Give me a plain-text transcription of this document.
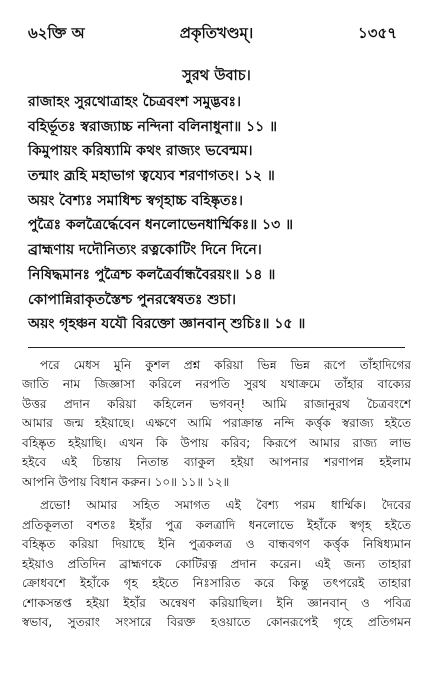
৬২ক্তি অ	প্রকৃতিখণ্ডম্।	১৩৫৭
সুরথ উবাচ।
রাজাহং সুরথোত্রাহং চৈত্রবংশ সমুদ্ভবঃ।
বহির্ভূতঃ স্বরাজ্যাচ্চ নন্দিনা বলিনাধুনা॥ ১১ ॥
কিমুপায়ং করিষ্যামি কথং রাজ্যং ভবেন্মম।
তন্মাং ব্রূহি মহাভাগ ত্বয্যেব শরণাগতং। ১২ ॥
অয়ং বৈশ্যঃ সমাধিশ্চ স্বগৃহাচ্চ বহিষ্কৃতঃ।
পুত্রৈঃ কলত্রৈর্দ্ধেবেন ধনলোভেনধার্ম্মিকঃ॥ ১৩ ॥
ব্রাহ্মণায় দদৌনিত্যং রত্নকোটিং দিনে দিনে।
নিষিদ্ধমানঃ পুত্রৈশ্চ কলত্রৈর্বান্ধবৈরয়ং॥ ১৪ ॥
কোপান্নিরাকৃতস্তৈশ্চ পুনরস্বেষতঃ শুচা।
অয়ং গৃহঞ্চন যযৌ বিরক্তো জ্ঞানবান্ শুচিঃ॥ ১৫ ॥
পরে মেধস মুনি কুশল প্রশ্ন করিয়া ভিন্ন ভিন্ন রূপে তাঁহাদিগের
জাতি নাম জিজ্ঞাসা করিলে নরপতি সুরথ যথাক্রমে তাঁহার বাক্যের
উত্তর প্রদান করিয়া কহিলেন ভগবন্! আমি রাজানুরথ চৈত্রবংশে
আমার জন্ম হইয়াছে। এক্ষণে আমি পরাক্রান্ত নন্দি কর্ত্তৃক স্বরাজ্য হইতে
বহিষ্কৃত হইয়াছি। এখন কি উপায় করিব; কিরূপে আমার রাজ্য লাভ
হইবে এই চিন্তায় নিতান্ত ব্যাকুল হইয়া আপনার শরণাপন্ন হইলাম
আপনি উপায় বিধান করুন। ১০॥ ১১॥ ১২॥
প্রভো! আমার সহিত সমাগত এই বৈশ্য পরম ধার্ম্মিক। দৈবের
প্রতিকূলতা বশতঃ ইহাঁর পুত্র কলত্রাদি ধনলোভে ইহাঁকে স্বগৃহ হইতে
বহিষ্কৃত করিয়া দিয়াছে ইনি পুত্রকলত্র ও বান্ধবগণ কর্ত্তৃক নিষিধ্যমান
হইয়াও প্রতিদিন ব্রাহ্মণকে কোটিরত্ন প্রদান করেন। এই জন্য তাহারা
ক্রোধবশে ইহাঁকে গৃহ হইতে নিঃসারিত করে কিন্তু তৎপরেই তাহারা
শোকসন্তপ্ত হইয়া ইহাঁর অন্বেষণ করিয়াছিল। ইনি জ্ঞানবান্ ও পবিত্র
স্বভাব, সুতরাং সংসারে বিরক্ত হওয়াতে কোনরূপেই গৃহে প্রতিগমন
